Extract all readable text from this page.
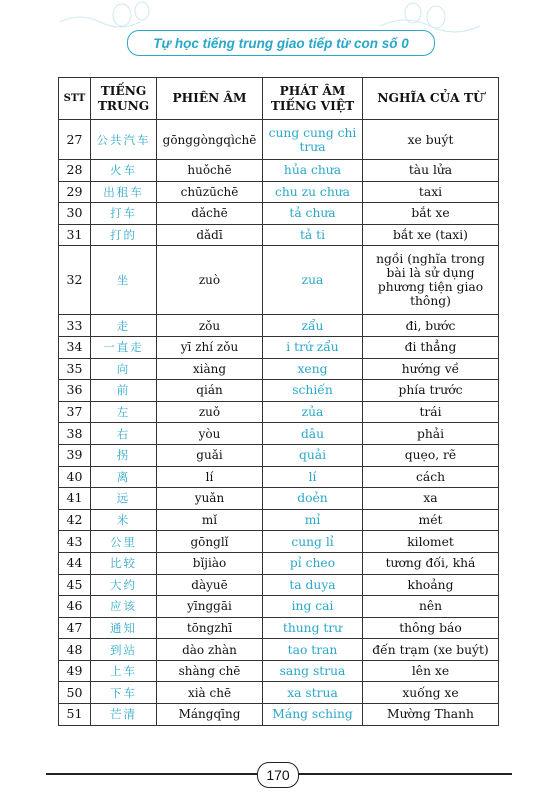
Tự học tiếng trung giao tiếp từ con số 0
STT	TIẾNG TRUNG	PHIÊN ÂM	PHÁT ÂM TIẾNG VIỆT	NGHĨA CỦA TỪ
27	公共汽车	gōnggòngqìchē	cung cung chi trưa	xe buýt
28	火车	huǒchē	hủa chưa	tàu lửa
29	出租车	chūzūchē	chu zu chưa	taxi
30	打车	dǎchē	tả chưa	bắt xe
31	打的	dǎdī	tả ti	bắt xe (taxi)
32	坐	zuò	zua	ngồi (nghĩa trong bài là sử dụng phương tiện giao thông)
33	走	zǒu	zẩu	đi, bước
34	一直走	yī zhí zǒu	i trứ zẩu	đi thẳng
35	向	xiàng	xeng	hướng về
36	前	qián	schiến	phía trước
37	左	zuǒ	zủa	trái
38	右	yòu	dâu	phải
39	拐	guǎi	quải	quẹo, rẽ
40	离	lí	lí	cách
41	远	yuǎn	doẻn	xa
42	米	mǐ	mỉ	mét
43	公里	gōnglǐ	cung lỉ	kilomet
44	比较	bǐjiào	pỉ cheo	tương đối, khá
45	大约	dàyuē	ta duya	khoảng
46	应该	yīnggāi	ing cai	nên
47	通知	tōngzhī	thung trư	thông báo
48	到站	dào zhàn	tao tran	đến trạm (xe buýt)
49	上车	shàng chē	sang strua	lên xe
50	下车	xià chē	xa strua	xuống xe
51	芒清	Mángqīng	Máng sching	Mường Thanh
170
